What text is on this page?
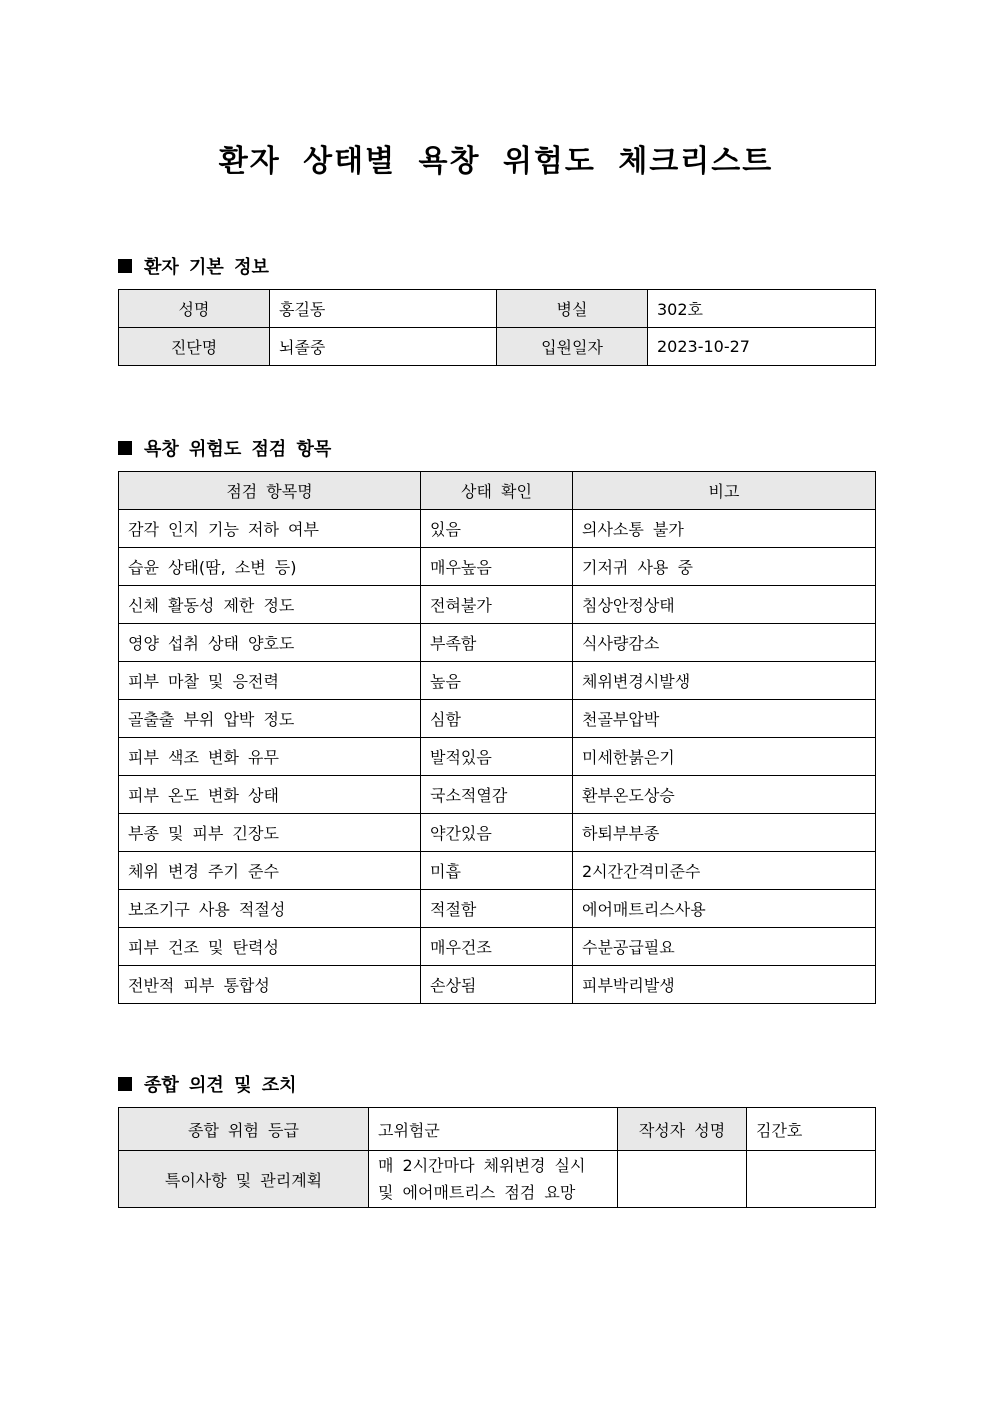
환자 상태별 욕창 위험도 체크리스트
환자 기본 정보
성명	홍길동	병실	302호
진단명	뇌졸중	입원일자	2023-10-27
욕창 위험도 점검 항목
점검 항목명	상태 확인	비고
감각 인지 기능 저하 여부	있음	의사소통 불가
습윤 상태(땀, 소변 등)	매우높음	기저귀 사용 중
신체 활동성 제한 정도	전혀불가	침상안정상태
영양 섭취 상태 양호도	부족함	식사량감소
피부 마찰 및 응전력	높음	체위변경시발생
골출출 부위 압박 정도	심함	천골부압박
피부 색조 변화 유무	발적있음	미세한붉은기
피부 온도 변화 상태	국소적열감	환부온도상승
부종 및 피부 긴장도	약간있음	하퇴부부종
체위 변경 주기 준수	미흡	2시간간격미준수
보조기구 사용 적절성	적절함	에어매트리스사용
피부 건조 및 탄력성	매우건조	수분공급필요
전반적 피부 통합성	손상됨	피부박리발생
종합 의견 및 조치
종합 위험 등급	고위험군	작성자 성명	김간호
특이사항 및 관리계획	매 2시간마다 체위변경 실시
및 에어매트리스 점검 요망		
